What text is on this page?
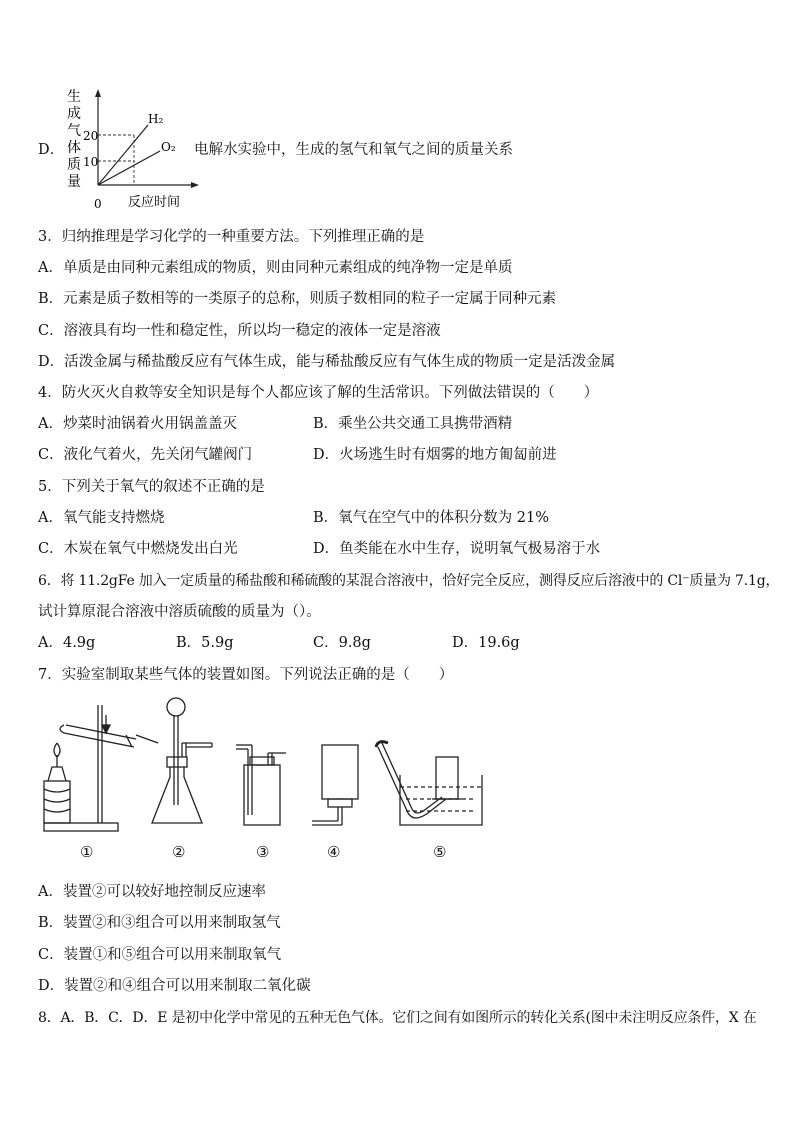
D．
生
成
气
体
质
量
H₂
O₂
20
10
0 反应时间
电解水实验中，生成的氢气和氧气之间的质量关系
3．归纳推理是学习化学的一种重要方法。下列推理正确的是
A．单质是由同种元素组成的物质，则由同种元素组成的纯净物一定是单质
B．元素是质子数相等的一类原子的总称，则质子数相同的粒子一定属于同种元素
C．溶液具有均一性和稳定性，所以均一稳定的液体一定是溶液
D．活泼金属与稀盐酸反应有气体生成，能与稀盐酸反应有气体生成的物质一定是活泼金属
4．防火灭火自救等安全知识是每个人都应该了解的生活常识。下列做法错误的（　　）
A．炒菜时油锅着火用锅盖盖灭	B．乘坐公共交通工具携带酒精
C．液化气着火，先关闭气罐阀门	D．火场逃生时有烟雾的地方匍匐前进
5．下列关于氧气的叙述不正确的是
A．氧气能支持燃烧	B．氧气在空气中的体积分数为 21%
C．木炭在氧气中燃烧发出白光	D．鱼类能在水中生存，说明氧气极易溶于水
6．将 11.2gFe 加入一定质量的稀盐酸和稀硫酸的某混合溶液中，恰好完全反应，测得反应后溶液中的 Cl⁻质量为 7.1g，
试计算原混合溶液中溶质硫酸的质量为（）。
A．4.9g	B．5.9g	C．9.8g	D．19.6g
7．实验室制取某些气体的装置如图。下列说法正确的是（　　）
①	②	③	④	⑤
A．装置②可以较好地控制反应速率
B．装置②和③组合可以用来制取氢气
C．装置①和⑤组合可以用来制取氧气
D．装置②和④组合可以用来制取二氧化碳
8．A．B．C．D．E 是初中化学中常见的五种无色气体。它们之间有如图所示的转化关系(图中未注明反应条件，X 在
